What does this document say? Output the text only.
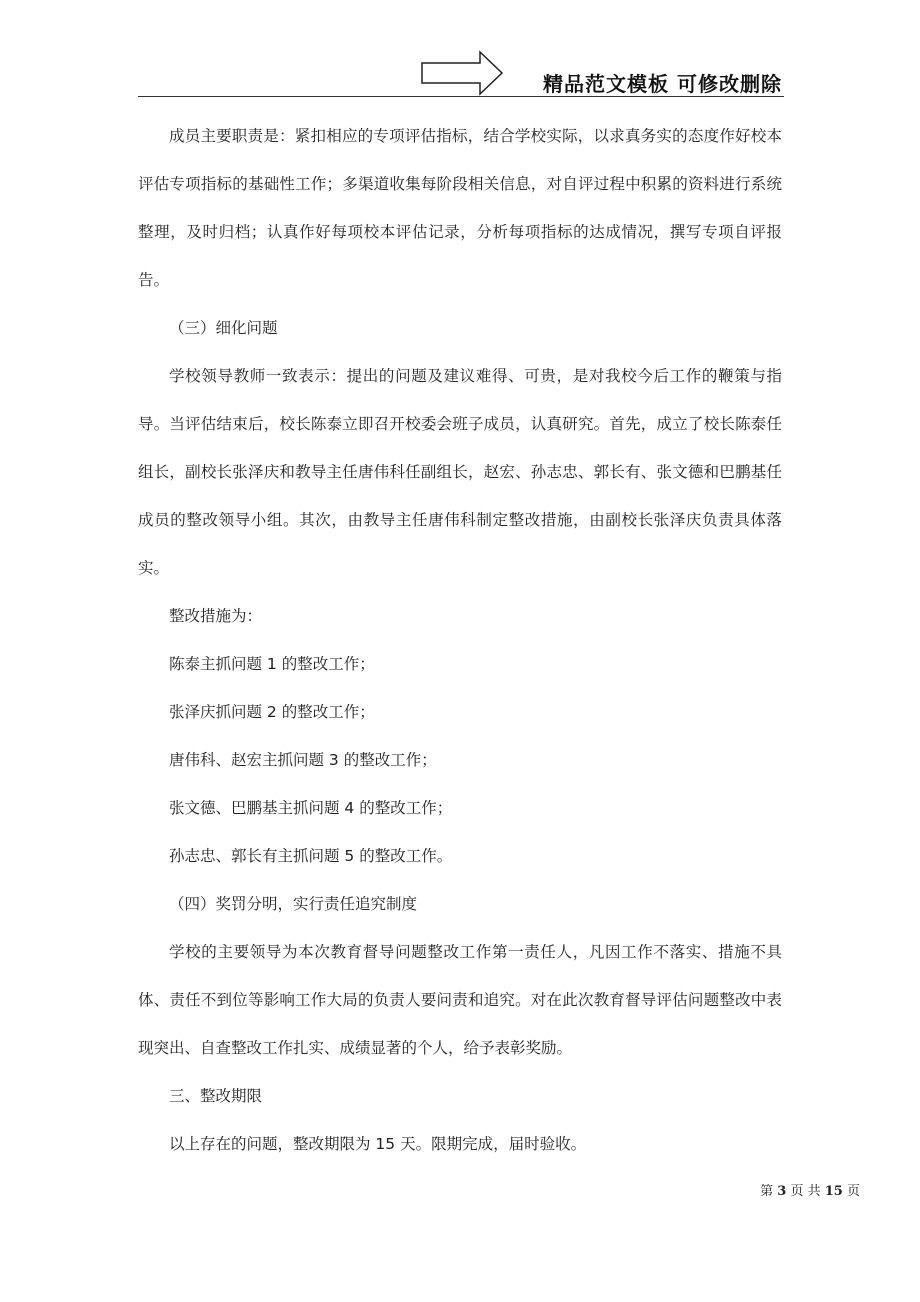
精品范文模板 可修改删除

成员主要职责是：紧扣相应的专项评估指标，结合学校实际，以求真务实的态度作好校本评估专项指标的基础性工作；多渠道收集每阶段相关信息，对自评过程中积累的资料进行系统整理，及时归档；认真作好每项校本评估记录，分析每项指标的达成情况，撰写专项自评报告。

（三）细化问题

学校领导教师一致表示：提出的问题及建议难得、可贵，是对我校今后工作的鞭策与指导。当评估结束后，校长陈泰立即召开校委会班子成员，认真研究。首先，成立了校长陈泰任组长，副校长张泽庆和教导主任唐伟科任副组长，赵宏、孙志忠、郭长有、张文德和巴鹏基任成员的整改领导小组。其次，由教导主任唐伟科制定整改措施，由副校长张泽庆负责具体落实。

整改措施为：

陈泰主抓问题 1 的整改工作；

张泽庆抓问题 2 的整改工作；

唐伟科、赵宏主抓问题 3 的整改工作；

张文德、巴鹏基主抓问题 4 的整改工作；

孙志忠、郭长有主抓问题 5 的整改工作。

（四）奖罚分明，实行责任追究制度

学校的主要领导为本次教育督导问题整改工作第一责任人，凡因工作不落实、措施不具体、责任不到位等影响工作大局的负责人要问责和追究。对在此次教育督导评估问题整改中表现突出、自查整改工作扎实、成绩显著的个人，给予表彰奖励。

三、整改期限

以上存在的问题，整改期限为 15 天。限期完成，届时验收。

第 3 页 共 15 页
